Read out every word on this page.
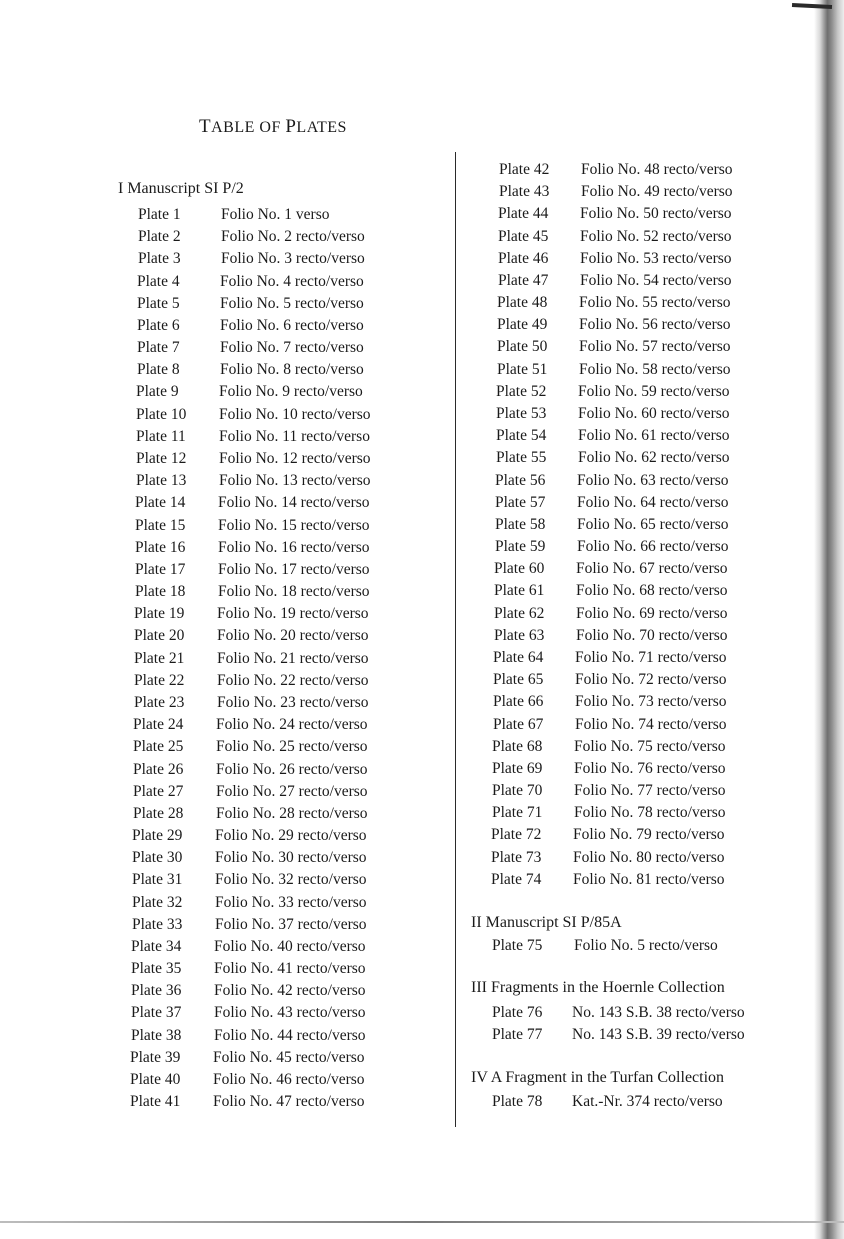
TABLE OF PLATES
I Manuscript SI P/2
Plate 1	Folio No. 1 verso
Plate 2	Folio No. 2 recto/verso
Plate 3	Folio No. 3 recto/verso
Plate 4	Folio No. 4 recto/verso
Plate 5	Folio No. 5 recto/verso
Plate 6	Folio No. 6 recto/verso
Plate 7	Folio No. 7 recto/verso
Plate 8	Folio No. 8 recto/verso
Plate 9	Folio No. 9 recto/verso
Plate 10 Folio No. 10 recto/verso
Plate 11 Folio No. 11 recto/verso
Plate 12 Folio No. 12 recto/verso
Plate 13 Folio No. 13 recto/verso
Plate 14 Folio No. 14 recto/verso
Plate 15 Folio No. 15 recto/verso
Plate 16 Folio No. 16 recto/verso
Plate 17 Folio No. 17 recto/verso
Plate 18 Folio No. 18 recto/verso
Plate 19 Folio No. 19 recto/verso
Plate 20 Folio No. 20 recto/verso
Plate 21 Folio No. 21 recto/verso
Plate 22 Folio No. 22 recto/verso
Plate 23 Folio No. 23 recto/verso
Plate 24 Folio No. 24 recto/verso
Plate 25 Folio No. 25 recto/verso
Plate 26 Folio No. 26 recto/verso
Plate 27 Folio No. 27 recto/verso
Plate 28 Folio No. 28 recto/verso
Plate 29 Folio No. 29 recto/verso
Plate 30 Folio No. 30 recto/verso
Plate 31 Folio No. 32 recto/verso
Plate 32 Folio No. 33 recto/verso
Plate 33 Folio No. 37 recto/verso
Plate 34 Folio No. 40 recto/verso
Plate 35 Folio No. 41 recto/verso
Plate 36 Folio No. 42 recto/verso
Plate 37 Folio No. 43 recto/verso
Plate 38 Folio No. 44 recto/verso
Plate 39 Folio No. 45 recto/verso
Plate 40 Folio No. 46 recto/verso
Plate 41 Folio No. 47 recto/verso
Plate 42 Folio No. 48 recto/verso
Plate 43 Folio No. 49 recto/verso
Plate 44 Folio No. 50 recto/verso
Plate 45 Folio No. 52 recto/verso
Plate 46 Folio No. 53 recto/verso
Plate 47 Folio No. 54 recto/verso
Plate 48 Folio No. 55 recto/verso
Plate 49 Folio No. 56 recto/verso
Plate 50 Folio No. 57 recto/verso
Plate 51 Folio No. 58 recto/verso
Plate 52 Folio No. 59 recto/verso
Plate 53 Folio No. 60 recto/verso
Plate 54 Folio No. 61 recto/verso
Plate 55 Folio No. 62 recto/verso
Plate 56 Folio No. 63 recto/verso
Plate 57 Folio No. 64 recto/verso
Plate 58 Folio No. 65 recto/verso
Plate 59 Folio No. 66 recto/verso
Plate 60 Folio No. 67 recto/verso
Plate 61 Folio No. 68 recto/verso
Plate 62 Folio No. 69 recto/verso
Plate 63 Folio No. 70 recto/verso
Plate 64 Folio No. 71 recto/verso
Plate 65 Folio No. 72 recto/verso
Plate 66 Folio No. 73 recto/verso
Plate 67 Folio No. 74 recto/verso
Plate 68 Folio No. 75 recto/verso
Plate 69 Folio No. 76 recto/verso
Plate 70 Folio No. 77 recto/verso
Plate 71 Folio No. 78 recto/verso
Plate 72 Folio No. 79 recto/verso
Plate 73 Folio No. 80 recto/verso
Plate 74 Folio No. 81 recto/verso
II Manuscript SI P/85A
Plate 75 Folio No. 5 recto/verso
III Fragments in the Hoernle Collection
Plate 76 No. 143 S.B. 38 recto/verso
Plate 77 No. 143 S.B. 39 recto/verso
IV A Fragment in the Turfan Collection
Plate 78 Kat.-Nr. 374 recto/verso
